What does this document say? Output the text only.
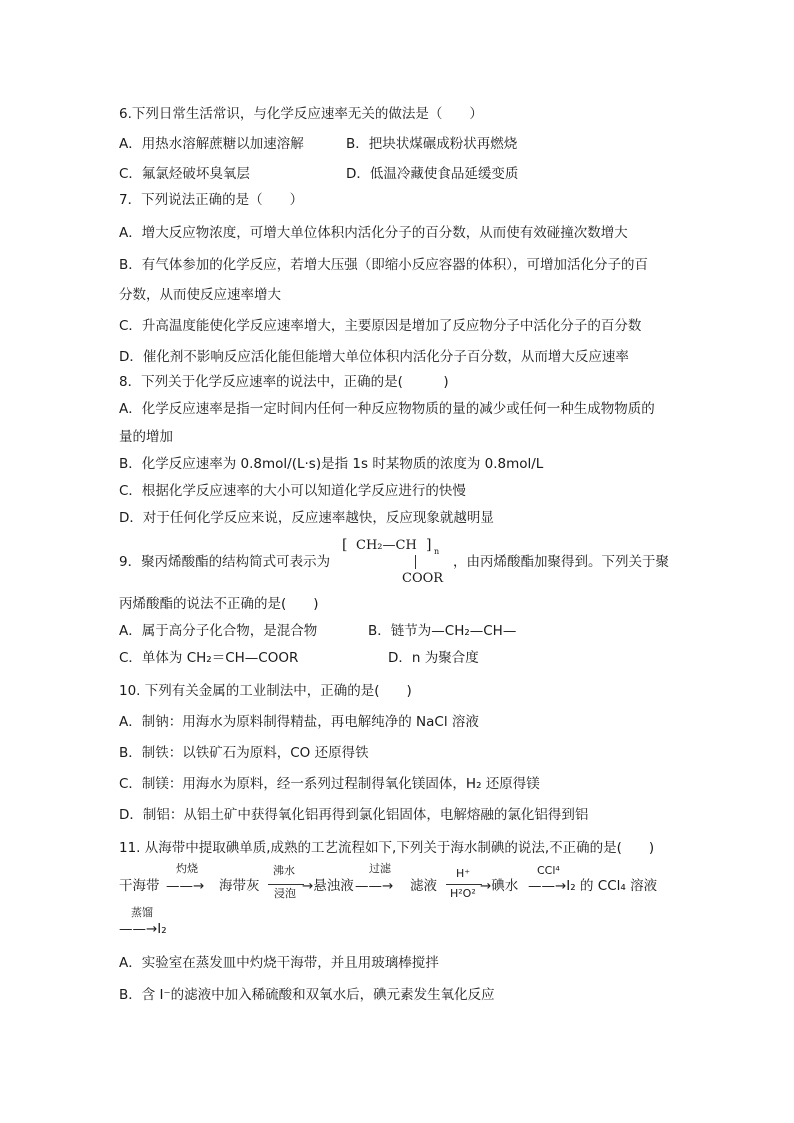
6.下列日常生活常识，与化学反应速率无关的做法是（　　）
A．用热水溶解蔗糖以加速溶解	B．把块状煤碾成粉状再燃烧
C．氟氯烃破坏臭氧层	D．低温冷藏使食品延缓变质
7．下列说法正确的是（　　）
A．增大反应物浓度，可增大单位体积内活化分子的百分数，从而使有效碰撞次数增大
B．有气体参加的化学反应，若增大压强（即缩小反应容器的体积），可增加活化分子的百
分数，从而使反应速率增大
C．升高温度能使化学反应速率增大，主要原因是增加了反应物分子中活化分子的百分数
D．催化剂不影响反应活化能但能增大单位体积内活化分子百分数，从而增大反应速率
8．下列关于化学反应速率的说法中，正确的是(　　　)
A．化学反应速率是指一定时间内任何一种反应物物质的量的减少或任何一种生成物物质的
量的增加
B．化学反应速率为 0.8mol/(L·s)是指 1s 时某物质的浓度为 0.8mol/L
C．根据化学反应速率的大小可以知道化学反应进行的快慢
D．对于任何化学反应来说，反应速率越快，反应现象就越明显
9．聚丙烯酸酯的结构简式可表示为
[ CH₂—CH ] n
COOR
，由丙烯酸酯加聚得到。下列关于聚
丙烯酸酯的说法不正确的是(　　)
A．属于高分子化合物，是混合物	B．链节为—CH₂—CH—
C．单体为 CH₂＝CH—COOR	D．n 为聚合度
10. 下列有关金属的工业制法中，正确的是(　　)
A．制钠：用海水为原料制得精盐，再电解纯净的 NaCl 溶液
B．制铁：以铁矿石为原料，CO 还原得铁
C．制镁：用海水为原料，经一系列过程制得氧化镁固体，H₂ 还原得镁
D．制铝：从铝土矿中获得氧化铝再得到氯化铝固体，电解熔融的氯化铝得到铝
11. 从海带中提取碘单质,成熟的工艺流程如下,下列关于海水制碘的说法,不正确的是(　　)
灼烧	沸水	过滤	H⁺	CCl⁴
干海带 ——→ 海带灰	→悬浊液 ——→ 滤液	→碘水 ——→I₂ 的 CCl₄ 溶液
浸泡	H²O²
蒸馏
——→I₂
A．实验室在蒸发皿中灼烧干海带，并且用玻璃棒搅拌
B．含 I⁻的滤液中加入稀硫酸和双氧水后，碘元素发生氧化反应
